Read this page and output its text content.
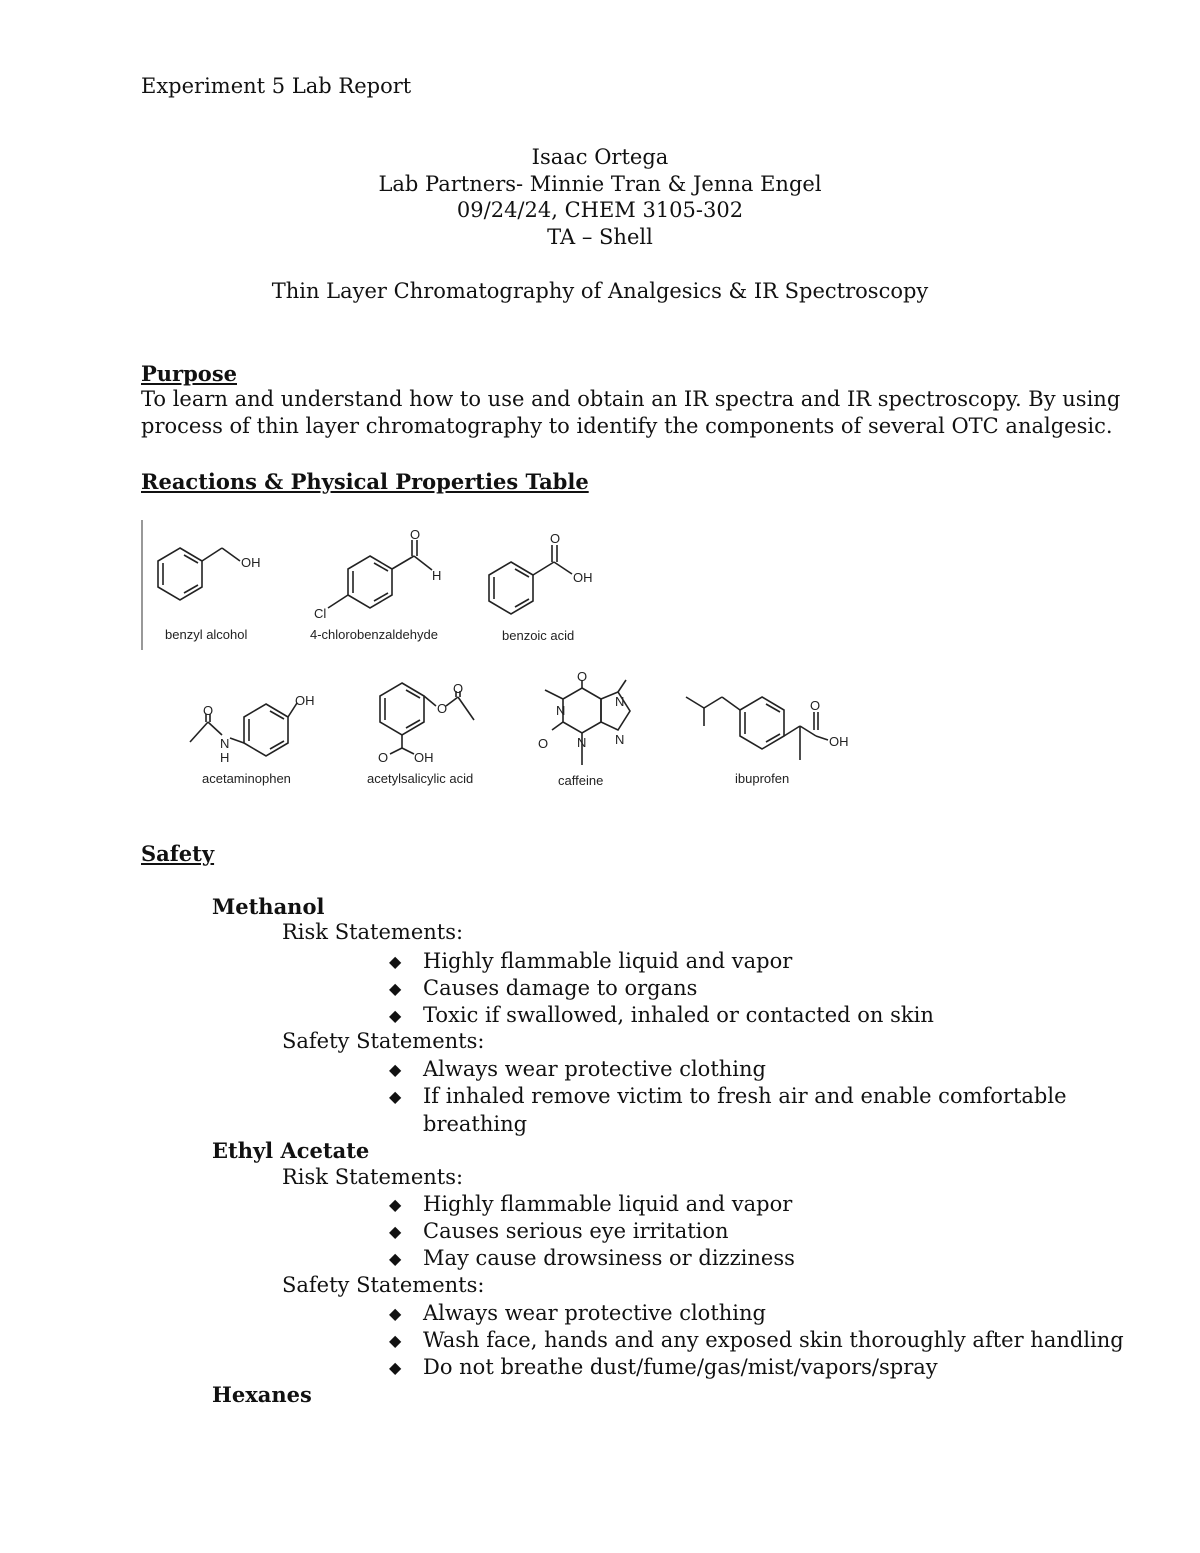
Experiment 5 Lab Report
Isaac Ortega
Lab Partners- Minnie Tran & Jenna Engel
09/24/24, CHEM 3105-302
TA – Shell
Thin Layer Chromatography of Analgesics & IR Spectroscopy
Purpose
To learn and understand how to use and obtain an IR spectra and IR spectroscopy. By using
process of thin layer chromatography to identify the components of several OTC analgesic.
Reactions & Physical Properties Table
OH
benzyl alcohol
O
H
Cl
4-chlorobenzaldehyde
O
OH
benzoic acid
OH
N
H
O
acetaminophen
O
O
O OH
acetylsalicylic acid
O
O
N
N
N
N
caffeine
O
OH
ibuprofen
Safety
Methanol
Risk Statements:
◆ Highly flammable liquid and vapor
◆ Causes damage to organs
◆ Toxic if swallowed, inhaled or contacted on skin
Safety Statements:
◆ Always wear protective clothing
◆ If inhaled remove victim to fresh air and enable comfortable
breathing
Ethyl Acetate
Risk Statements:
◆ Highly flammable liquid and vapor
◆ Causes serious eye irritation
◆ May cause drowsiness or dizziness
Safety Statements:
◆ Always wear protective clothing
◆ Wash face, hands and any exposed skin thoroughly after handling
◆ Do not breathe dust/fume/gas/mist/vapors/spray
Hexanes
